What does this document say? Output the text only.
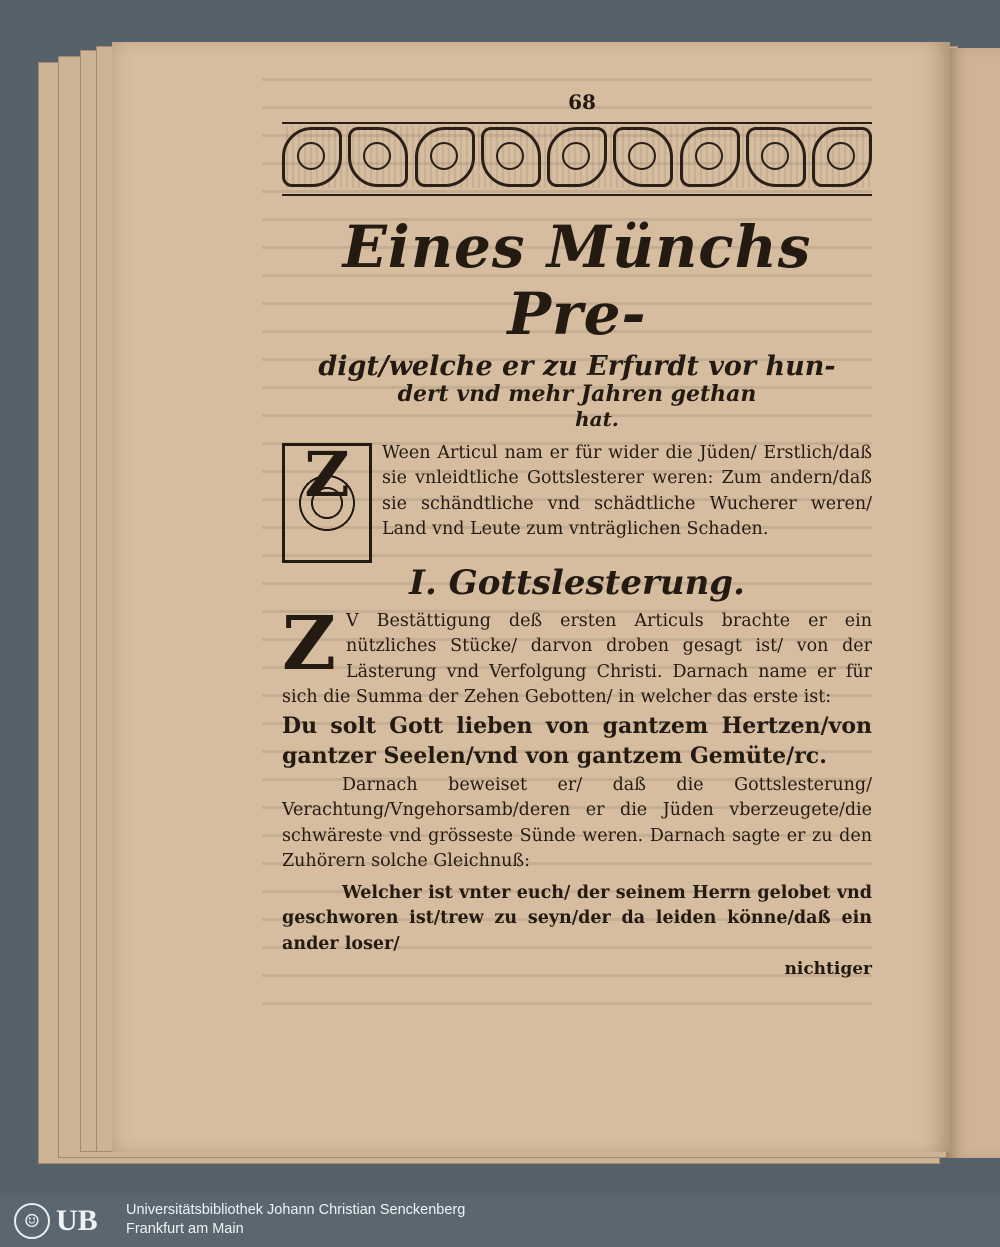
68
Eines Münchs Pre-
digt/welche er zu Erfurdt vor hun-
dert vnd mehr Jahren gethan
hat.
Z	Ween Articul nam er für wider die Jüden/ Erstlich/daß sie vnleidtliche Gottslesterer weren: Zum andern/daß sie schändtliche vnd schädtliche Wucherer weren/ Land vnd Leute zum vnträglichen Schaden.
I. Gottslesterung.
Z V Bestättigung deß ersten Articuls brachte er ein nützliches Stücke/ darvon droben gesagt ist/ von der Lästerung vnd Verfolgung Christi. Darnach name er für sich die Summa der Zehen Gebotten/ in welcher das erste ist:
Du solt Gott lieben von gantzem Hertzen/von gantzer Seelen/vnd von gantzem Gemüte/rc.
Darnach beweiset er/ daß die Gottslesterung/ Verachtung/Vngehorsamb/deren er die Jüden vberzeugete/die schwäreste vnd grösseste Sünde weren. Darnach sagte er zu den Zuhörern solche Gleichnuß:
Welcher ist vnter euch/ der seinem Herrn gelobet vnd geschworen ist/trew zu seyn/der da leiden könne/daß ein ander loser/
nichtiger
☺ UB Universitätsbibliothek Johann Christian Senckenberg
Frankfurt am Main
